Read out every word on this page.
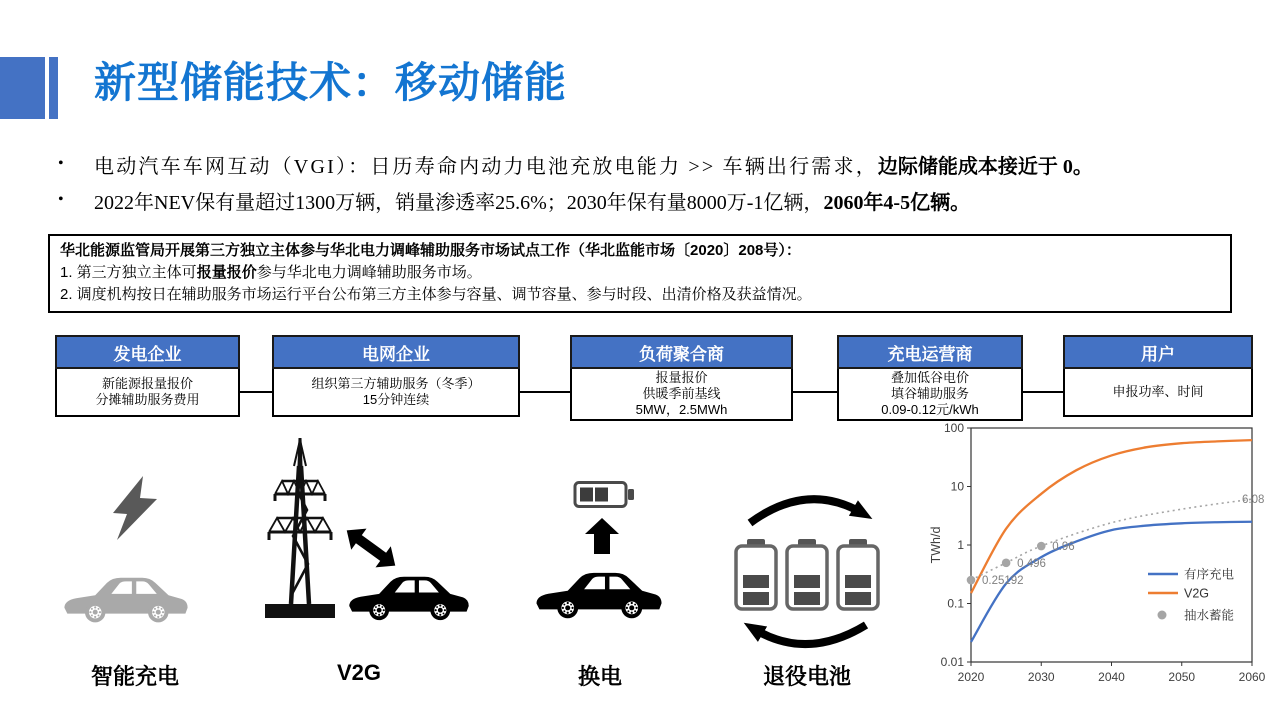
新型储能技术：移动储能
•	电动汽车车网互动（VGI）：日历寿命内动力电池充放电能力 >> 车辆出行需求，边际储能成本接近于 0。
•	2022年NEV保有量超过1300万辆，销量渗透率25.6%；2030年保有量8000万-1亿辆，2060年4-5亿辆。
华北能源监管局开展第三方独立主体参与华北电力调峰辅助服务市场试点工作（华北监能市场〔2020〕208号）：
1. 第三方独立主体可报量报价参与华北电力调峰辅助服务市场。
2. 调度机构按日在辅助服务市场运行平台公布第三方主体参与容量、调节容量、参与时段、出清价格及获益情况。
发电企业
新能源报量报价
分摊辅助服务费用
电网企业
组织第三方辅助服务（冬季）
15分钟连续
负荷聚合商
报量报价
供暖季前基线
5MW，2.5MWh
充电运营商
叠加低谷电价
填谷辅助服务
0.09-0.12元/kWh
用户
申报功率、时间
智能充电	V2G	换电	退役电池
100
10
1
0.1
0.01
2020	2030	2040	2050	2060
TWh/d
0.25192
0.496
0.96
6.08
有序充电
V2G
抽水蓄能
